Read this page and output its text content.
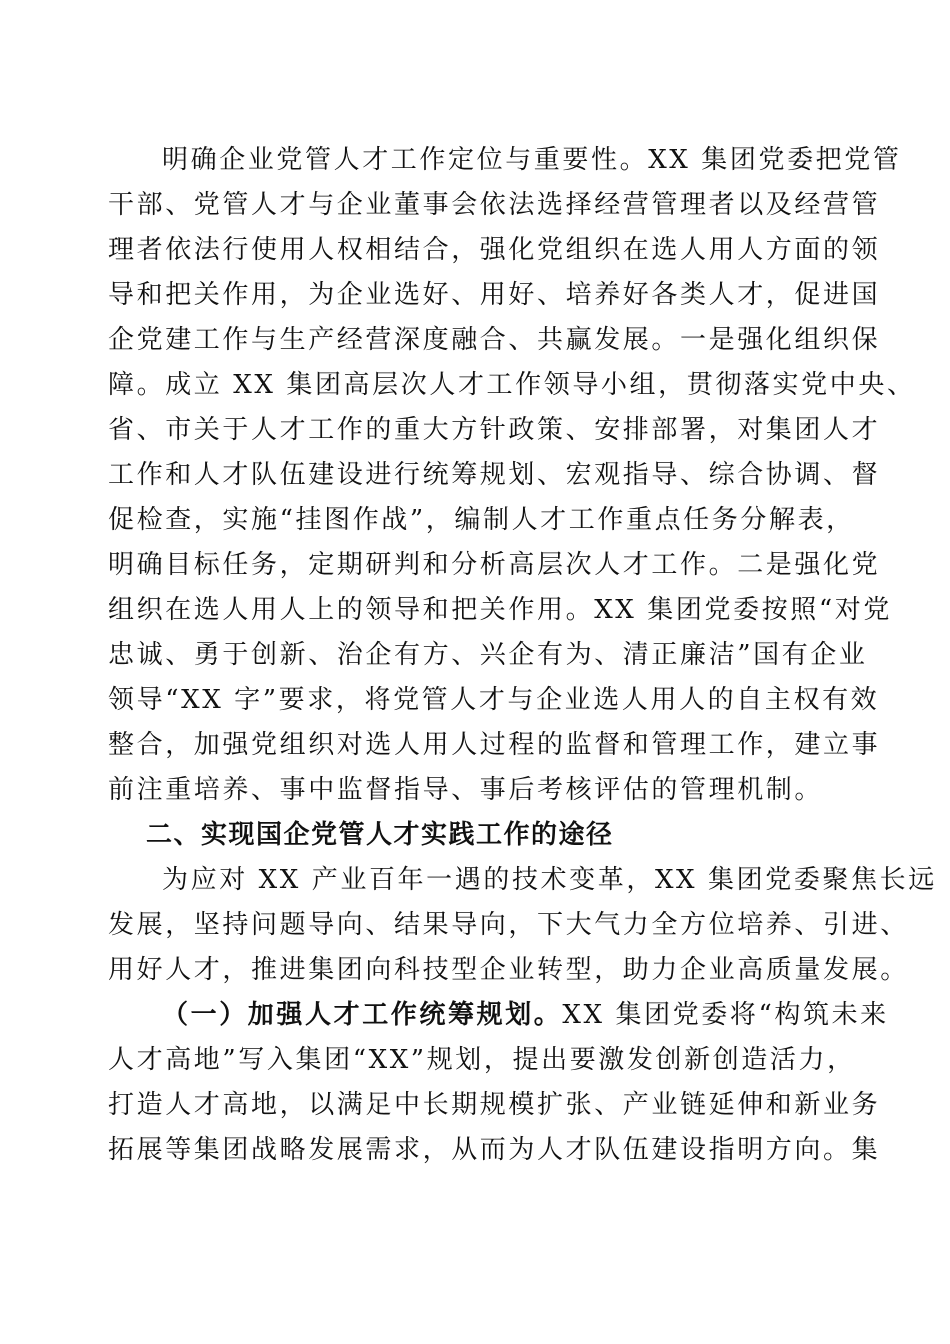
明确企业党管人才工作定位与重要性。XX 集团党委把党管

干部、党管人才与企业董事会依法选择经营管理者以及经营管

理者依法行使用人权相结合，强化党组织在选人用人方面的领

导和把关作用，为企业选好、用好、培养好各类人才，促进国

企党建工作与生产经营深度融合、共赢发展。一是强化组织保

障。成立 XX 集团高层次人才工作领导小组，贯彻落实党中央、

省、市关于人才工作的重大方针政策、安排部署，对集团人才

工作和人才队伍建设进行统筹规划、宏观指导、综合协调、督

促检查，实施“挂图作战”，编制人才工作重点任务分解表，

明确目标任务，定期研判和分析高层次人才工作。二是强化党

组织在选人用人上的领导和把关作用。XX 集团党委按照“对党

忠诚、勇于创新、治企有方、兴企有为、清正廉洁”国有企业

领导“XX 字”要求，将党管人才与企业选人用人的自主权有效

整合，加强党组织对选人用人过程的监督和管理工作，建立事

前注重培养、事中监督指导、事后考核评估的管理机制。

二、实现国企党管人才实践工作的途径

为应对 XX 产业百年一遇的技术变革，XX 集团党委聚焦长远

发展，坚持问题导向、结果导向，下大气力全方位培养、引进、

用好人才，推进集团向科技型企业转型，助力企业高质量发展。

（一）加强人才工作统筹规划。XX 集团党委将“构筑未来

人才高地”写入集团“XX”规划，提出要激发创新创造活力，

打造人才高地，以满足中长期规模扩张、产业链延伸和新业务

拓展等集团战略发展需求，从而为人才队伍建设指明方向。集
